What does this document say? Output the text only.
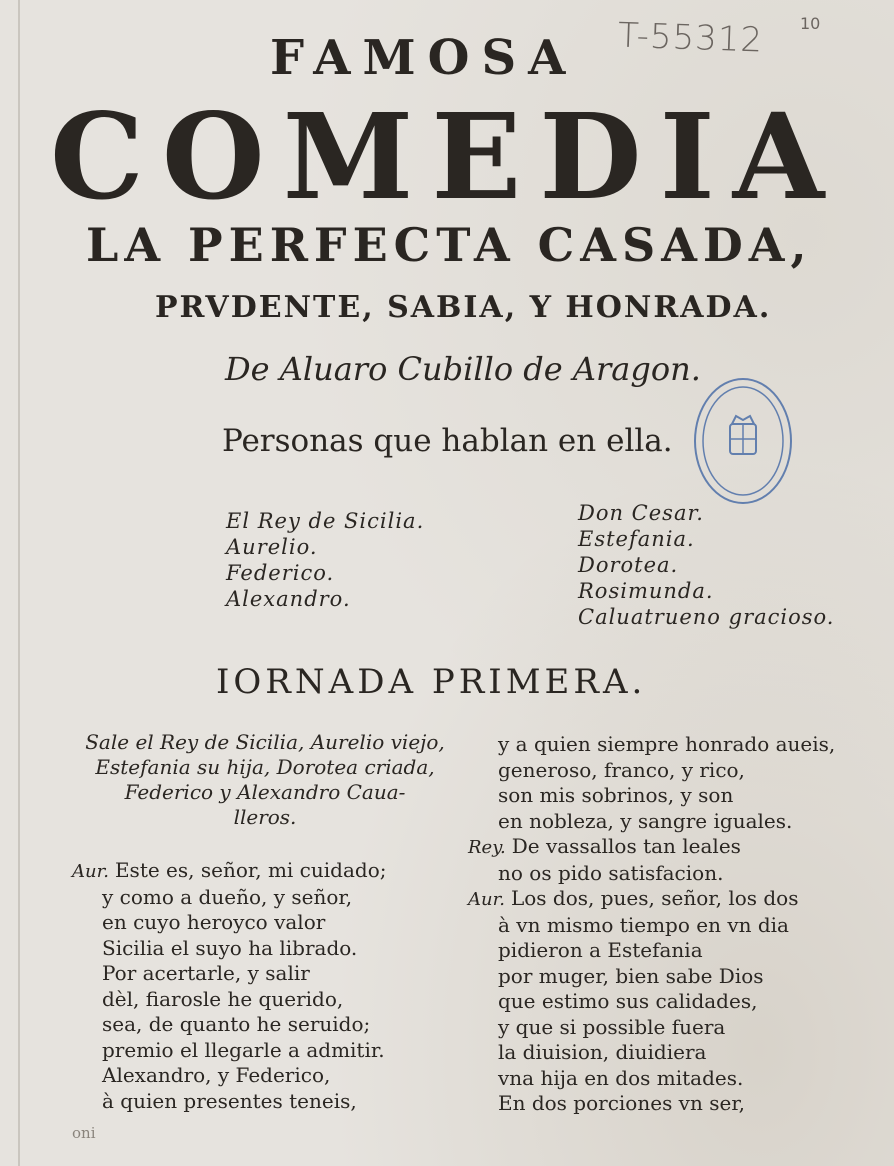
T-55312 10
FAMOSA
COMEDIA
LA PERFECTA CASADA,
PRVDENTE, SABIA, Y HONRADA.
De Aluaro Cubillo de Aragon.
Personas que hablan en ella.
El Rey de Sicilia.
Aurelio.
Federico.
Alexandro.
Don Cesar.
Estefania.
Dorotea.
Rosimunda.
Caluatrueno gracioso.
IORNADA PRIMERA.
Sale el Rey de Sicilia, Aurelio viejo,
Estefania su hija, Dorotea criada,
Federico y Alexandro Caua-
lleros.
Aur. Este es, señor, mi cuidado;
y como a dueño, y señor,
en cuyo heroyco valor
Sicilia el suyo ha librado.
Por acertarle, y salir
dèl, fiarosle he querido,
sea, de quanto he seruido;
premio el llegarle a admitir.
Alexandro, y Federico,
à quien presentes teneis,
y a quien siempre honrado aueis,
generoso, franco, y rico,
son mis sobrinos, y son
en nobleza, y sangre iguales.
Rey. De vassallos tan leales
no os pido satisfacion.
Aur. Los dos, pues, señor, los dos
à vn mismo tiempo en vn dia
pidieron a Estefania
por muger, bien sabe Dios
que estimo sus calidades,
y que si possible fuera
la diuision, diuidiera
vna hija en dos mitades.
En dos porciones vn ser,
oni
